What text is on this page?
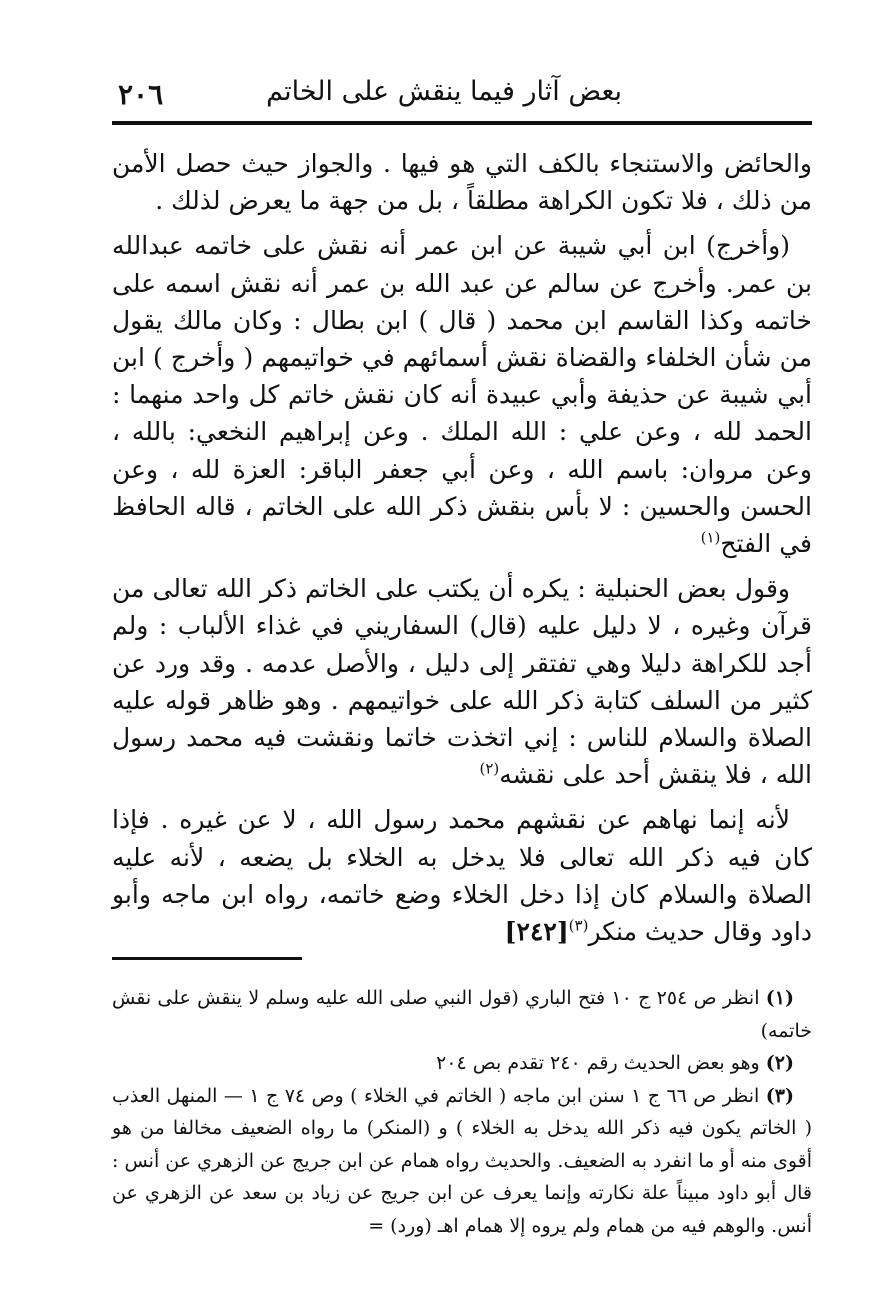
٢٠٦	بعض آثار فيما ينقش على الخاتم

والحائض والاستنجاء بالكف التي هو فيها . والجواز حيث حصل الأمن من ذلك ، فلا تكون الكراهة مطلقاً ، بل من جهة ما يعرض لذلك .

(وأخرج) ابن أبي شيبة عن ابن عمر أنه نقش على خاتمه عبدالله بن عمر. وأخرج عن سالم عن عبد الله بن عمر أنه نقش اسمه على خاتمه وكذا القاسم ابن محمد ( قال ) ابن بطال : وكان مالك يقول من شأن الخلفاء والقضاة نقش أسمائهم في خواتيمهم ( وأخرج ) ابن أبي شيبة عن حذيفة وأبي عبيدة أنه كان نقش خاتم كل واحد منهما : الحمد لله ، وعن علي : الله الملك . وعن إبراهيم النخعي: بالله ، وعن مروان: باسم الله ، وعن أبي جعفر الباقر: العزة لله ، وعن الحسن والحسين : لا بأس بنقش ذكر الله على الخاتم ، قاله الحافظ في الفتح$^{(١)}$

وقول بعض الحنبلية : يكره أن يكتب على الخاتم ذكر الله تعالى من قرآن وغيره ، لا دليل عليه (قال) السفاريني في غذاء الألباب : ولم أجد للكراهة دليلا وهي تفتقر إلى دليل ، والأصل عدمه . وقد ورد عن كثير من السلف كتابة ذكر الله على خواتيمهم . وهو ظاهر قوله عليه الصلاة والسلام للناس : إني اتخذت خاتما ونقشت فيه محمد رسول الله ، فلا ينقش أحد على نقشه$^{(٢)}$

لأنه إنما نهاهم عن نقشهم محمد رسول الله ، لا عن غيره . فإذا كان فيه ذكر الله تعالى فلا يدخل به الخلاء بل يضعه ، لأنه عليه الصلاة والسلام كان إذا دخل الخلاء وضع خاتمه، رواه ابن ماجه وأبو داود وقال حديث منكر$^{(٣)}$[٢٤٢]

(١) انظر ص ٢٥٤ ج ١٠ فتح الباري (قول النبي صلى الله عليه وسلم لا ينقش على نقش خاتمه)

(٢) وهو بعض الحديث رقم ٢٤٠ تقدم بص ٢٠٤

(٣) انظر ص ٦٦ ج ١ سنن ابن ماجه ( الخاتم في الخلاء ) وص ٧٤ ج ١ — المنهل العذب ( الخاتم يكون فيه ذكر الله يدخل به الخلاء ) و (المنكر) ما رواه الضعيف مخالفا من هو أقوى منه أو ما انفرد به الضعيف. والحديث رواه همام عن ابن جريج عن الزهري عن أنس : قال أبو داود مبيناً علة نكارته وإنما يعرف عن ابن جريج عن زياد بن سعد عن الزهري عن أنس. والوهم فيه من همام ولم يروه إلا همام اهـ (ورد) =
